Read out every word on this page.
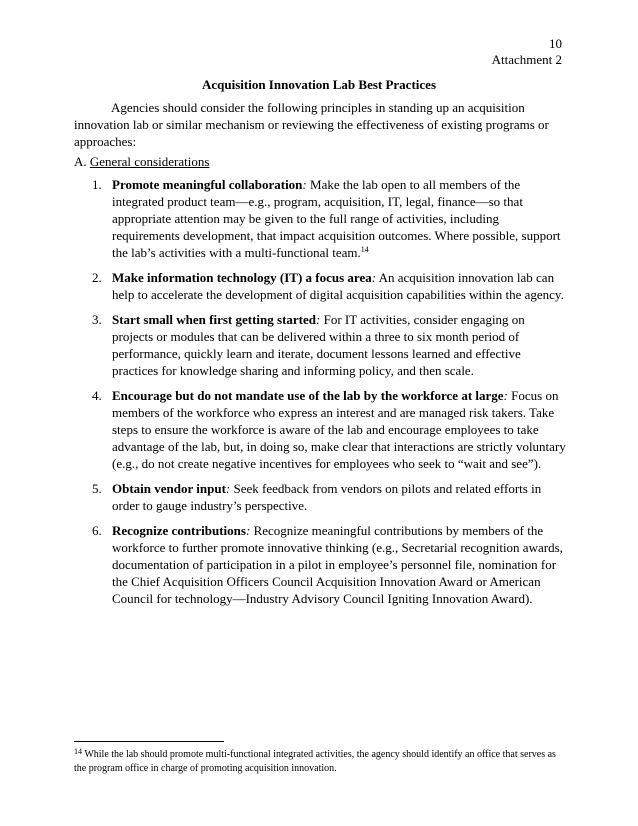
10
Attachment 2
Acquisition Innovation Lab Best Practices

Agencies should consider the following principles in standing up an acquisition innovation lab or similar mechanism or reviewing the effectiveness of existing programs or approaches:

A. General considerations
1. Promote meaningful collaboration: Make the lab open to all members of the integrated product team—e.g., program, acquisition, IT, legal, finance—so that appropriate attention may be given to the full range of activities, including requirements development, that impact acquisition outcomes. Where possible, support the lab’s activities with a multi-functional team.$^{14}$
2. Make information technology (IT) a focus area: An acquisition innovation lab can help to accelerate the development of digital acquisition capabilities within the agency.
3. Start small when first getting started: For IT activities, consider engaging on projects or modules that can be delivered within a three to six month period of performance, quickly learn and iterate, document lessons learned and effective practices for knowledge sharing and informing policy, and then scale.
4. Encourage but do not mandate use of the lab by the workforce at large: Focus on members of the workforce who express an interest and are managed risk takers. Take steps to ensure the workforce is aware of the lab and encourage employees to take advantage of the lab, but, in doing so, make clear that interactions are strictly voluntary (e.g., do not create negative incentives for employees who seek to “wait and see”).
5. Obtain vendor input: Seek feedback from vendors on pilots and related efforts in order to gauge industry’s perspective.
6. Recognize contributions: Recognize meaningful contributions by members of the workforce to further promote innovative thinking (e.g., Secretarial recognition awards, documentation of participation in a pilot in employee’s personnel file, nomination for the Chief Acquisition Officers Council Acquisition Innovation Award or American Council for technology—Industry Advisory Council Igniting Innovation Award).
$^{14}$ While the lab should promote multi-functional integrated activities, the agency should identify an office that serves as the program office in charge of promoting acquisition innovation.
